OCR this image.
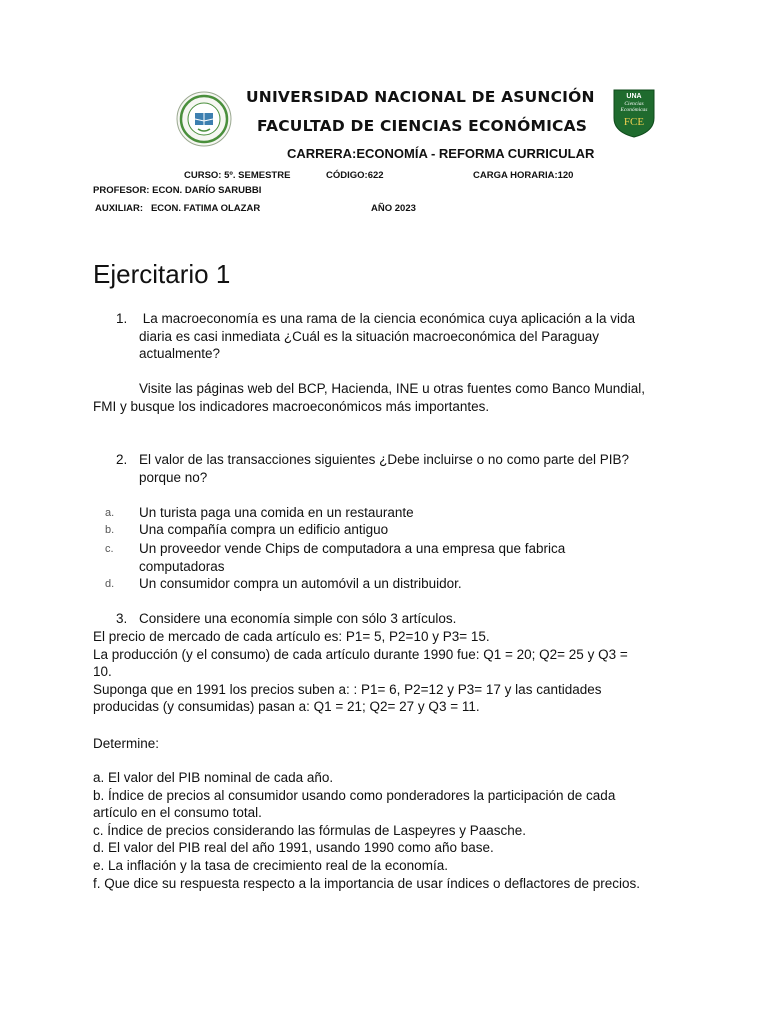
UNA
Ciencias
Económicas
FCE
UNIVERSIDAD NACIONAL DE ASUNCIÓN
FACULTAD DE CIENCIAS ECONÓMICAS
CARRERA:ECONOMÍA - REFORMA CURRICULAR
CURSO: 5º. SEMESTRE	CÓDIGO:622	CARGA HORARIA:120
PROFESOR: ECON. DARÍO SARUBBI
AUXILIAR:   ECON. FATIMA OLAZAR	AÑO 2023
Ejercitario 1
1. La macroeconomía es una rama de la ciencia económica cuya aplicación a la vida
diaria es casi inmediata ¿Cuál es la situación macroeconómica del Paraguay
actualmente?
Visite las páginas web del BCP, Hacienda, INE u otras fuentes como Banco Mundial,
FMI y busque los indicadores macroeconómicos más importantes.
2. El valor de las transacciones siguientes ¿Debe incluirse o no como parte del PIB?
porque no?
a. Un turista paga una comida en un restaurante
b. Una compañía compra un edificio antiguo
c. Un proveedor vende Chips de computadora a una empresa que fabrica
computadoras
d. Un consumidor compra un automóvil a un distribuidor.
3. Considere una economía simple con sólo 3 artículos.
El precio de mercado de cada artículo es: P1= 5, P2=10 y P3= 15.
La producción (y el consumo) de cada artículo durante 1990 fue: Q1 = 20; Q2= 25 y Q3 =
10.
Suponga que en 1991 los precios suben a: : P1= 6, P2=12 y P3= 17 y las cantidades
producidas (y consumidas) pasan a: Q1 = 21; Q2= 27 y Q3 = 11.
Determine:
a. El valor del PIB nominal de cada año.
b. Índice de precios al consumidor usando como ponderadores la participación de cada
artículo en el consumo total.
c. Índice de precios considerando las fórmulas de Laspeyres y Paasche.
d. El valor del PIB real del año 1991, usando 1990 como año base.
e. La inflación y la tasa de crecimiento real de la economía.
f. Que dice su respuesta respecto a la importancia de usar índices o deflactores de precios.
